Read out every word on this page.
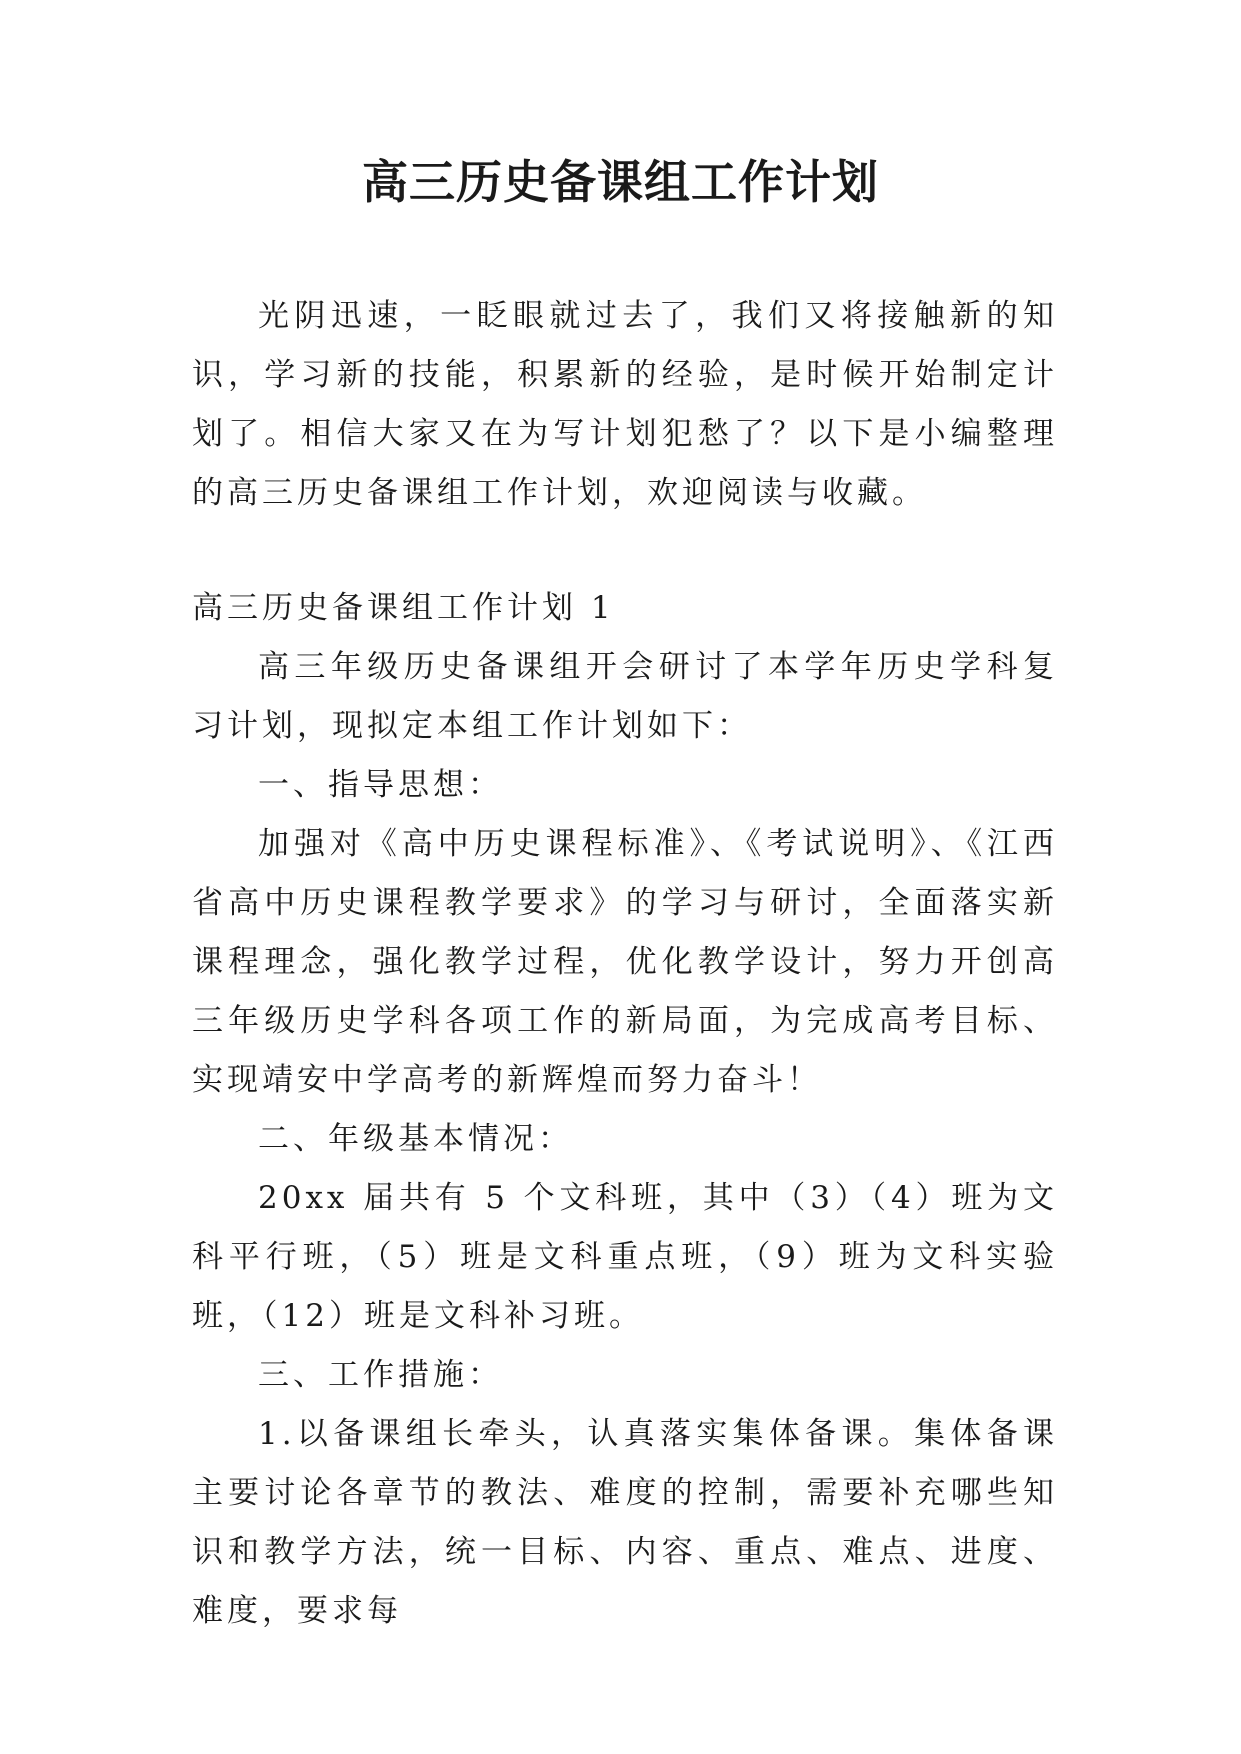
高三历史备课组工作计划

光阴迅速，一眨眼就过去了，我们又将接触新的知识，学习新的技能，积累新的经验，是时候开始制定计划了。相信大家又在为写计划犯愁了？以下是小编整理的高三历史备课组工作计划，欢迎阅读与收藏。

高三历史备课组工作计划 1

高三年级历史备课组开会研讨了本学年历史学科复习计划，现拟定本组工作计划如下：

一、指导思想：

加强对《高中历史课程标准》、《考试说明》、《江西省高中历史课程教学要求》的学习与研讨，全面落实新课程理念，强化教学过程，优化教学设计，努力开创高三年级历史学科各项工作的新局面，为完成高考目标、实现靖安中学高考的新辉煌而努力奋斗！

二、年级基本情况：

20xx 届共有 5 个文科班，其中（3）（4）班为文科平行班，（5）班是文科重点班，（9）班为文科实验班，（12）班是文科补习班。

三、工作措施：

1.以备课组长牵头，认真落实集体备课。集体备课主要讨论各章节的教法、难度的控制，需要补充哪些知识和教学方法，统一目标、内容、重点、难点、进度、难度，要求每
